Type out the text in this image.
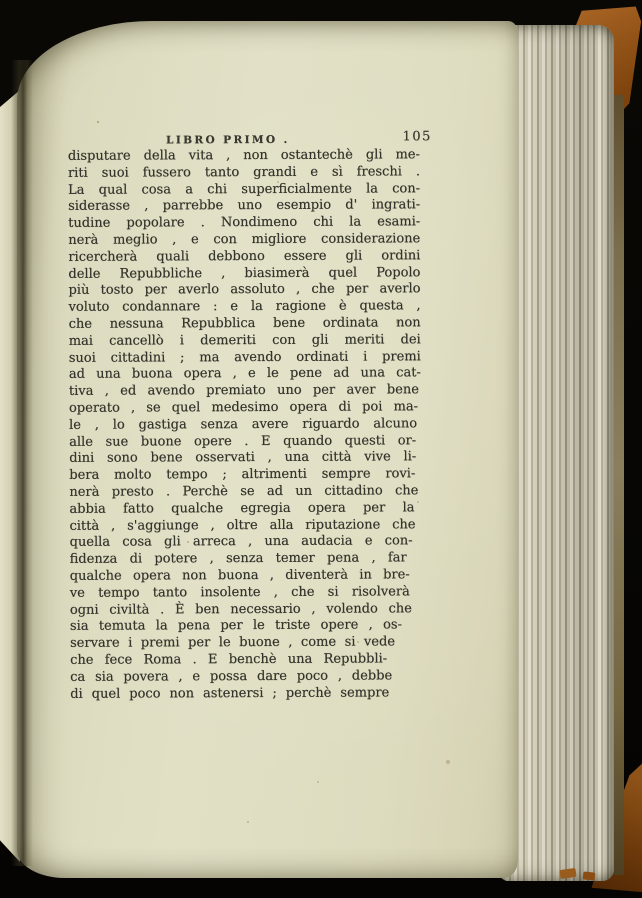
LIBRO PRIMO .	105
disputare della vita , non ostantechè gli me-
riti suoi fussero tanto grandi e sì freschi .
La qual cosa a chi superficialmente la con-
siderasse , parrebbe uno esempio d' ingrati-
tudine popolare . Nondimeno chi la esami-
nerà meglio , e con migliore considerazione
ricercherà quali debbono essere gli ordini
delle Repubbliche , biasimerà quel Popolo
più tosto per averlo assoluto , che per averlo
voluto condannare : e la ragione è questa ,
che nessuna Repubblica bene ordinata non
mai cancellò i demeriti con gli meriti dei
suoi cittadini ; ma avendo ordinati i premi
ad una buona opera , e le pene ad una cat-
tiva , ed avendo premiato uno per aver bene
operato , se quel medesimo opera di poi ma-
le , lo gastiga senza avere riguardo alcuno
alle sue buone opere . E quando questi or-
dini sono bene osservati , una città vive li-
bera molto tempo ; altrimenti sempre rovi-
nerà presto . Perchè se ad un cittadino che
abbia fatto qualche egregia opera per la
città , s'aggiunge , oltre alla riputazione che
quella cosa gli arreca , una audacia e con-
fidenza di potere , senza temer pena , far
qualche opera non buona , diventerà in bre-
ve tempo tanto insolente , che si risolverà
ogni civiltà . È ben necessario , volendo che
sia temuta la pena per le triste opere , os-
servare i premi per le buone , come si vede
che fece Roma . E benchè una Repubbli-
ca sia povera , e possa dare poco , debbe
di quel poco non astenersi ; perchè sempre
